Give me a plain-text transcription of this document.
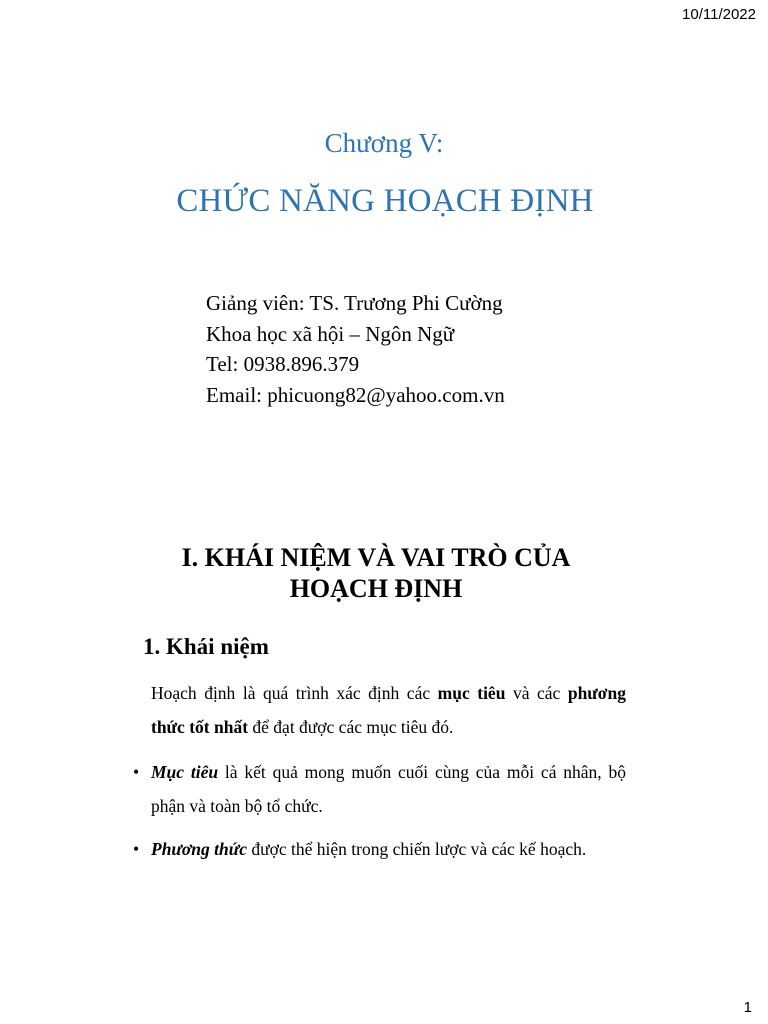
10/11/2022
Chương V:
CHỨC NĂNG HOẠCH ĐỊNH
Giảng viên: TS. Trương Phi Cường
Khoa học xã hội – Ngôn Ngữ
Tel: 0938.896.379
Email: phicuong82@yahoo.com.vn
I. KHÁI NIỆM VÀ VAI TRÒ CỦA
HOẠCH ĐỊNH
1. Khái niệm
Hoạch định là quá trình xác định các mục tiêu và các phương thức tốt nhất để đạt được các mục tiêu đó.
• Mục tiêu là kết quả mong muốn cuối cùng của mỗi cá nhân, bộ phận và toàn bộ tổ chức.
• Phương thức được thể hiện trong chiến lược và các kế hoạch.
1
